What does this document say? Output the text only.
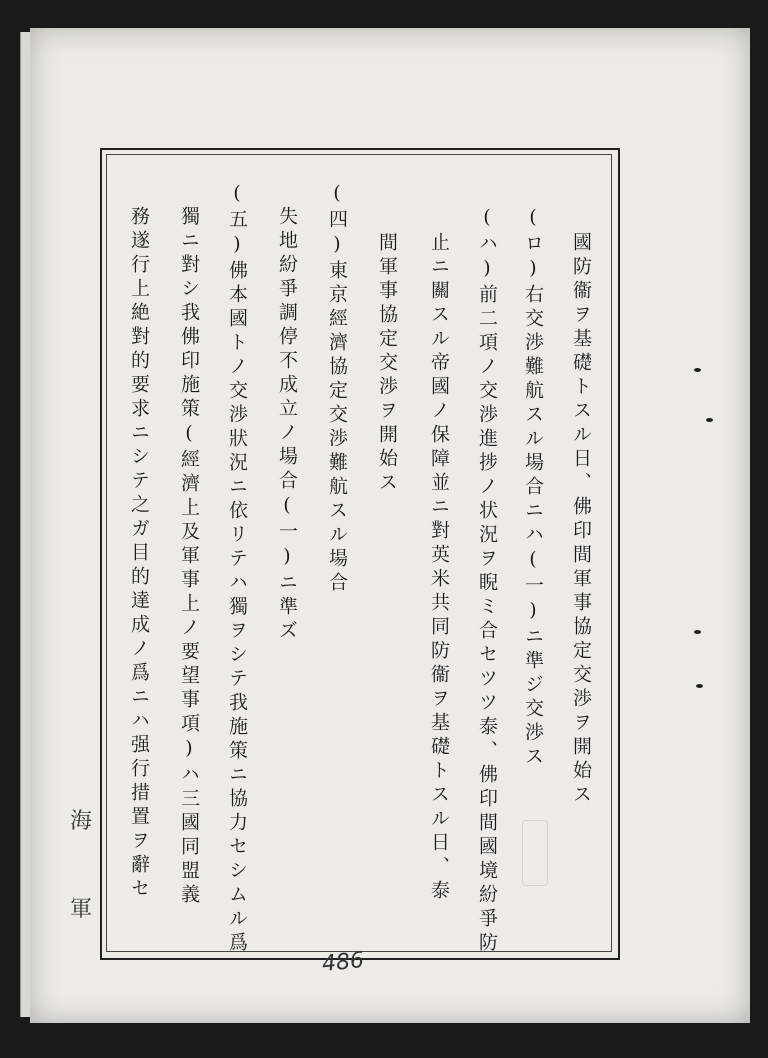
國防衞ヲ基礎トスル日、佛印間軍事協定交渉ヲ開始ス
(ロ)右交渉難航スル場合ニハ(一)ニ準ジ交渉ス
(ハ)前二項ノ交渉進捗ノ状況ヲ睨ミ合セツツ泰、佛印間國境紛爭防
止ニ關スル帝國ノ保障並ニ對英米共同防衞ヲ基礎トスル日、泰
間軍事協定交渉ヲ開始ス
(四)東京經濟協定交渉難航スル場合
失地紛爭調停不成立ノ場合(一)ニ準ズ
(五)佛本國トノ交渉狀況ニ依リテハ獨ヲシテ我施策ニ協力セシムル爲
獨ニ對シ我佛印施策(經濟上及軍事上ノ要望事項)ハ三國同盟義
務遂行上絶對的要求ニシテ之ガ目的達成ノ爲ニハ强行措置ヲ辭セ
海
軍
486
